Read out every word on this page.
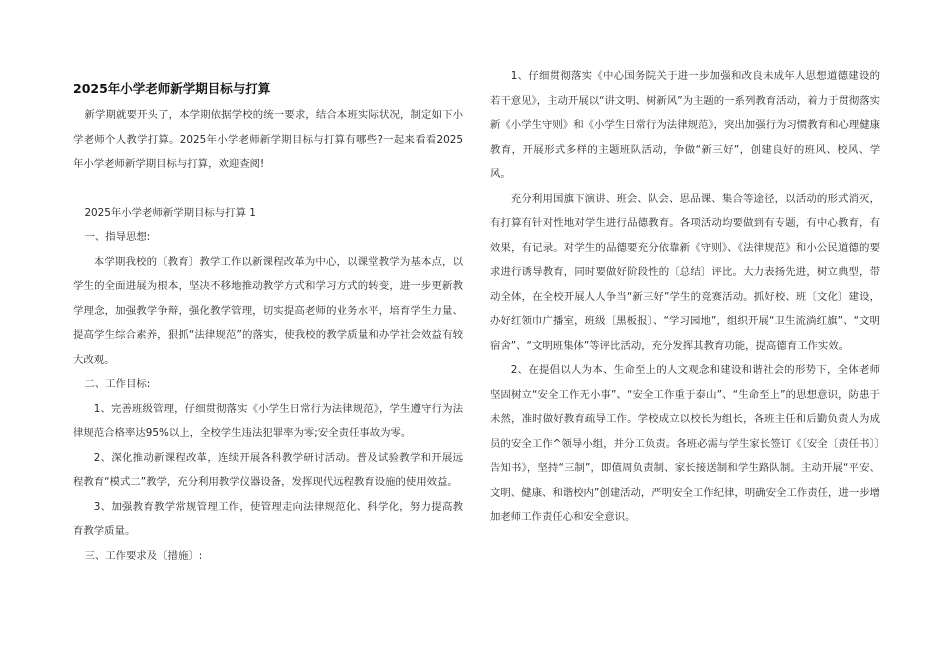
2025年小学老师新学期目标与打算

新学期就要开头了，本学期依据学校的统一要求，结合本班实际状况，制定如下小学老师个人教学打算。2025年小学老师新学期目标与打算有哪些?一起来看看2025年小学老师新学期目标与打算，欢迎查阅!

2025年小学老师新学期目标与打算 1

一、指导思想:

本学期我校的〔教育〕教学工作以新课程改革为中心，以课堂教学为基本点，以学生的全面进展为根本，坚决不移地推动教学方式和学习方式的转变，进一步更新教学理念，加强教学争辩，强化教学管理，切实提高老师的业务水平，培育学生力量、提高学生综合素养，狠抓“法律规范”的落实，使我校的教学质量和办学社会效益有较大改观。

二、工作目标:

1、完善班级管理，仔细贯彻落实《小学生日常行为法律规范》，学生遵守行为法律规范合格率达95%以上，全校学生违法犯罪率为零;安全责任事故为零。

2、深化推动新课程改革，连续开展各科教学研讨活动。普及试验教学和开展远程教育“模式二”教学，充分利用教学仪器设备，发挥现代远程教育设施的使用效益。

3、加强教育教学常规管理工作，使管理走向法律规范化、科学化，努力提高教育教学质量。

三、工作要求及〔措施〕:

1、仔细贯彻落实《中心国务院关于进一步加强和改良未成年人思想道德建设的若干意见》，主动开展以“讲文明、树新风”为主题的一系列教育活动，着力于贯彻落实新《小学生守则》和《小学生日常行为法律规范》，突出加强行为习惯教育和心理健康教育，开展形式多样的主题班队活动，争做“新三好”，创建良好的班风、校风、学风。

充分利用国旗下演讲、班会、队会、思品课、集合等途径，以活动的形式消灭，有打算有针对性地对学生进行品德教育。各项活动均要做到有专题，有中心教育，有效果，有记录。对学生的品德要充分依靠新《守则》、《法律规范》和小公民道德的要求进行诱导教育，同时要做好阶段性的〔总结〕评比。大力表扬先进，树立典型，带动全体，在全校开展人人争当“新三好”学生的竞赛活动。抓好校、班〔文化〕建设，办好红领巾广播室，班级〔黑板报〕、“学习园地”，组织开展“卫生流淌红旗”、“文明宿舍”、“文明班集体”等评比活动，充分发挥其教育功能，提高德育工作实效。

2、在提倡以人为本、生命至上的人文观念和建设和谐社会的形势下，全体老师坚固树立“安全工作无小事”、“安全工作重于泰山”、“生命至上”的思想意识，防患于未然，准时做好教育疏导工作。学校成立以校长为组长，各班主任和后勤负责人为成员的安全工作^领导小组，并分工负责。各班必需与学生家长签订《〔安全〔责任书〕〕告知书》，坚持“三制”，即值周负责制、家长接送制和学生路队制。主动开展“平安、文明、健康、和谐校内”创建活动，严明安全工作纪律，明确安全工作责任，进一步增加老师工作责任心和安全意识。
